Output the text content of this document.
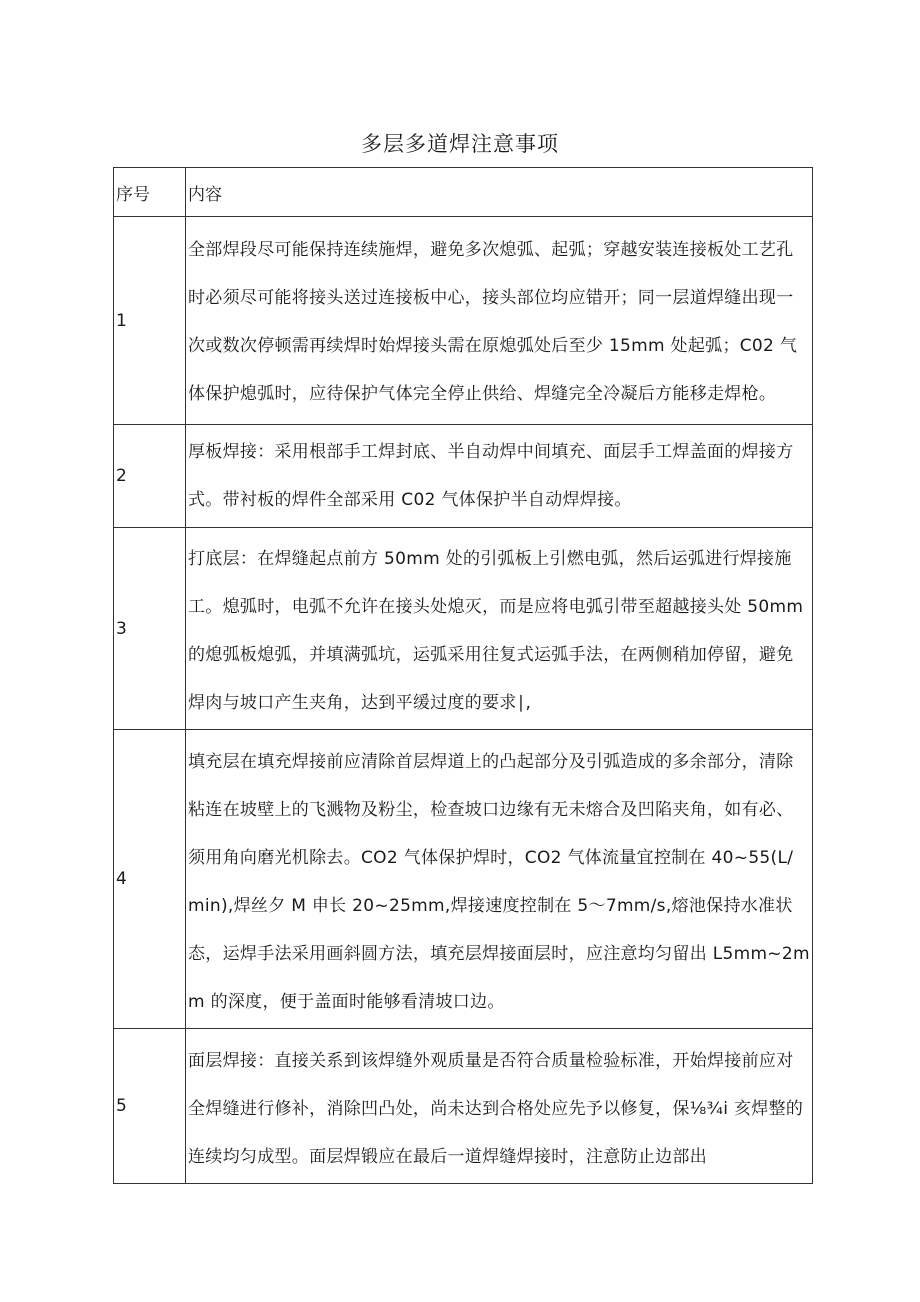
多层多道焊注意事项
序号	内容
1	全部焊段尽可能保持连续施焊，避免多次熄弧、起弧；穿越安装连接板处工艺孔时必须尽可能将接头送过连接板中心，接头部位均应错开；同一层道焊缝出现一次或数次停顿需再续焊时始焊接头需在原熄弧处后至少 15mm 处起弧；C02 气体保护熄弧时，应待保护气体完全停止供给、焊缝完全冷凝后方能移走焊枪。

2	厚板焊接：采用根部手工焊封底、半自动焊中间填充、面层手工焊盖面的焊接方式。带衬板的焊件全部采用 C02 气体保护半自动焊焊接。

3	打底层：在焊缝起点前方 50mm 处的引弧板上引燃电弧，然后运弧进行焊接施工。熄弧时，电弧不允许在接头处熄灭，而是应将电弧引带至超越接头处 50mm 的熄弧板熄弧，并填满弧坑，运弧采用往复式运弧手法，在两侧稍加停留，避免焊肉与坡口产生夹角，达到平缓过度的要求∣,

4	填充层在填充焊接前应清除首层焊道上的凸起部分及引弧造成的多余部分，清除粘连在坡壁上的飞溅物及粉尘，检查坡口边缘有无未熔合及凹陷夹角，如有必、须用角向磨光机除去。CO2 气体保护焊时，CO2 气体流量宜控制在 40~55(L/min),焊丝夕 M 申长 20~25mm,焊接速度控制在 5～7mm∕s,熔池保持水准状态，运焊手法采用画斜圆方法，填充层焊接面层时，应注意均匀留出 L5mm~2mm 的深度，便于盖面时能够看清坡口边。

5	面层焊接：直接关系到该焊缝外观质量是否符合质量检验标准，开始焊接前应对全焊缝进行修补，消除凹凸处，尚未达到合格处应先予以修复，保⅛¾i 亥焊整的连续均匀成型。面层焊锻应在最后一道焊缝焊接时，注意防止边部出
